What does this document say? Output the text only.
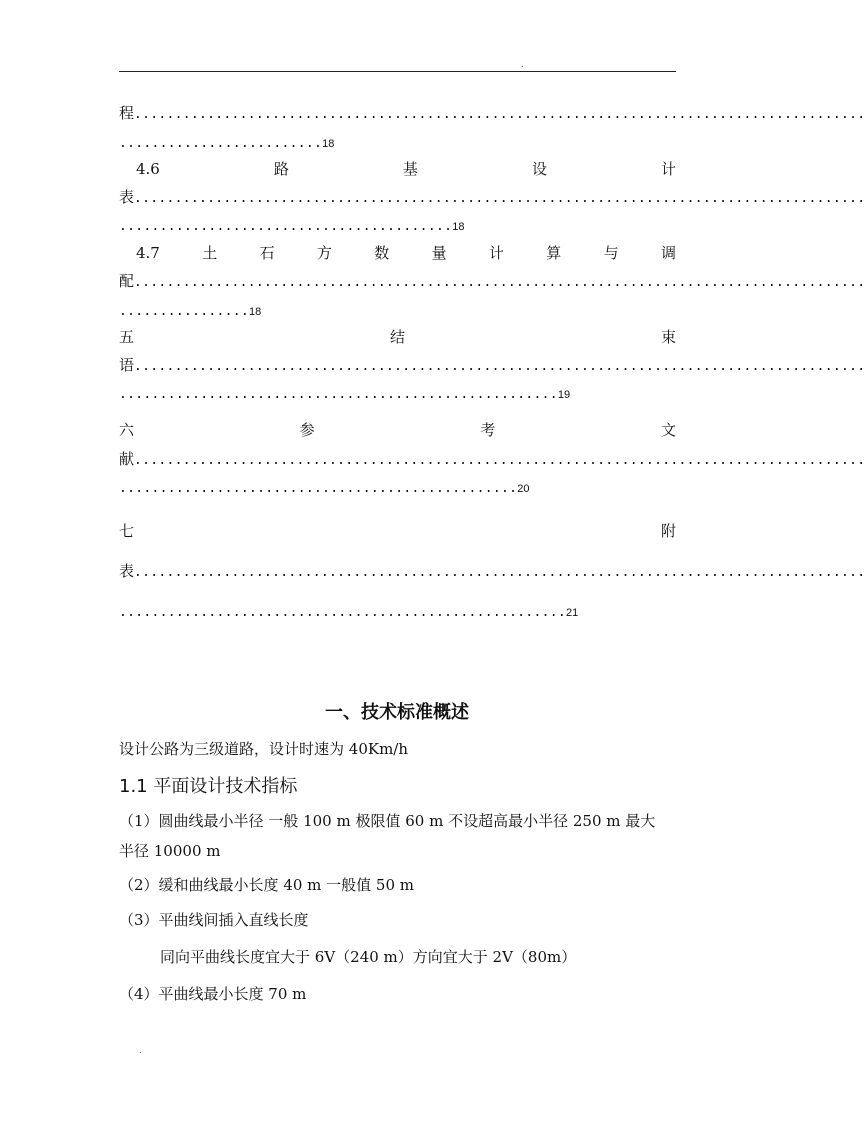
.
程..........................................................................................
.........................18
4.6	路	基	设	计
表..........................................................................................
.........................................18
4.7	土	石	方	数	量	计	算	与	调
配..........................................................................................
................18
五	结	束
语..........................................................................................
......................................................19
六	参	考	文
献..........................................................................................
.................................................20
七	附
表..........................................................................................
.......................................................21
一、技术标准概述
设计公路为三级道路，设计时速为 40Km/h
1.1 平面设计技术指标
（1）圆曲线最小半径 一般 100 m 极限值 60 m 不设超高最小半径 250 m 最大
半径 10000 m
（2）缓和曲线最小长度 40 m 一般值 50 m
（3）平曲线间插入直线长度
同向平曲线长度宜大于 6V（240 m）方向宜大于 2V（80m）
（4）平曲线最小长度 70 m
.
